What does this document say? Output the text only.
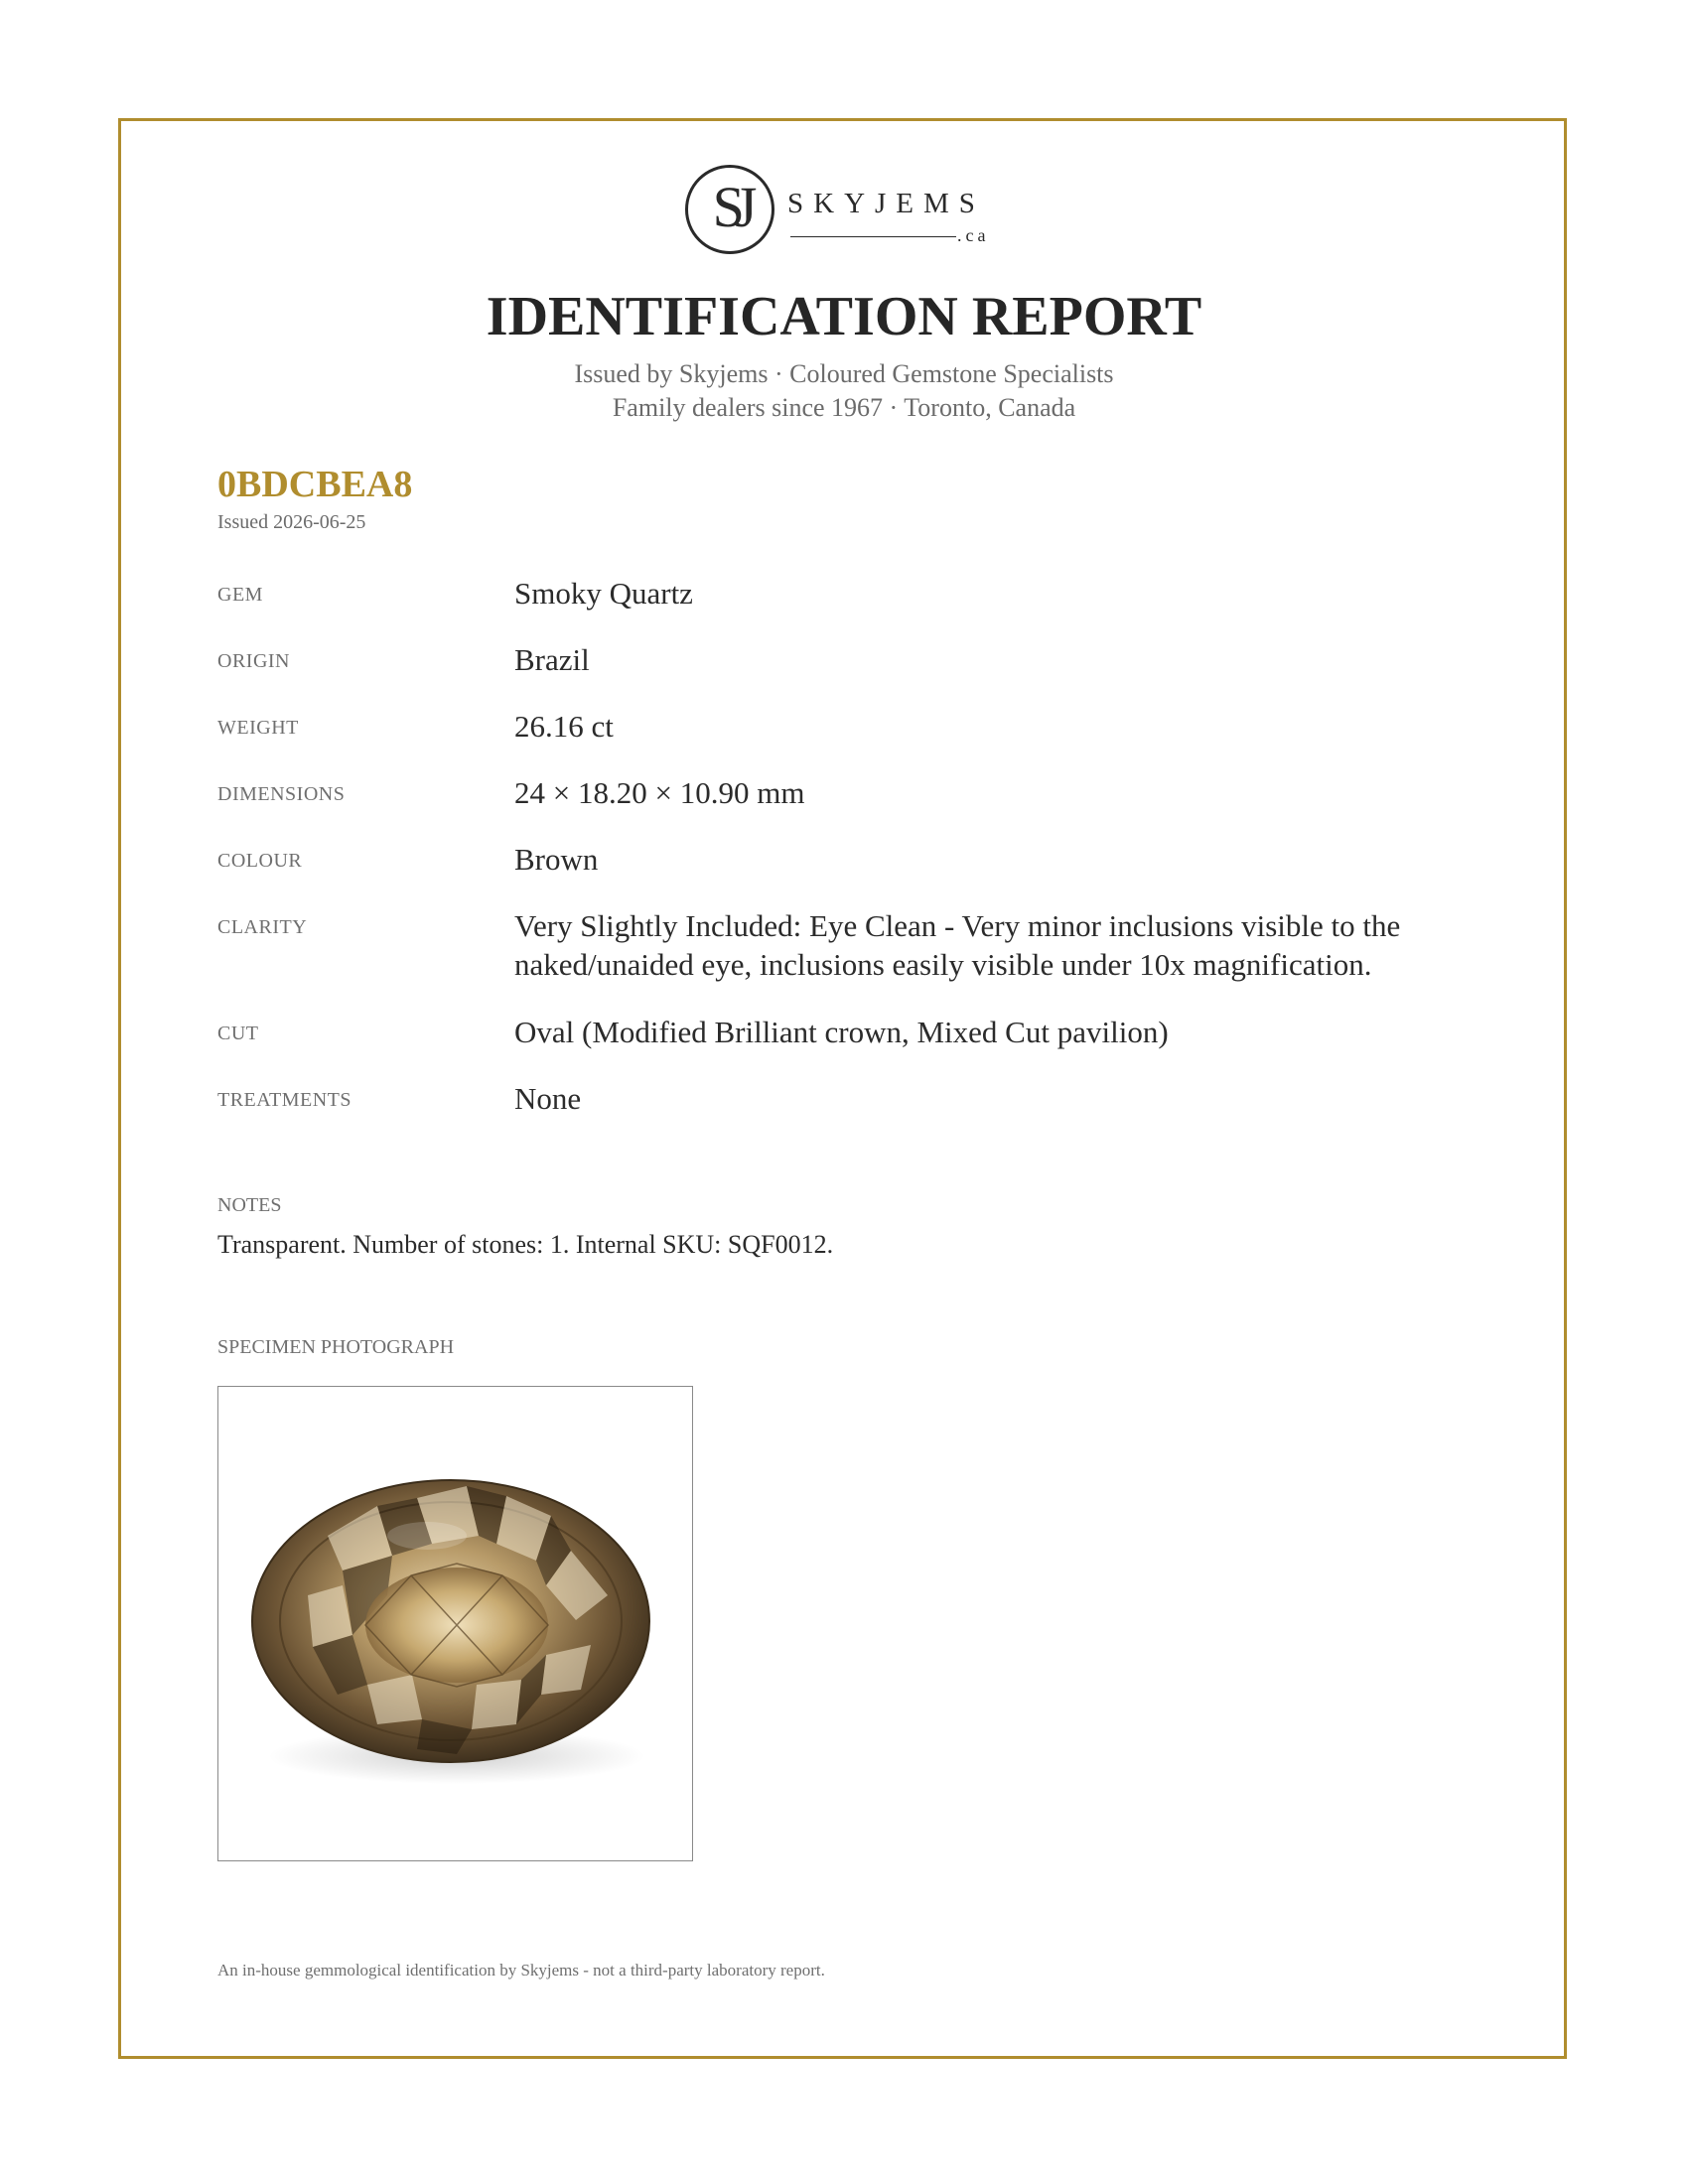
SJ	SKYJEMS
.ca
IDENTIFICATION REPORT
Issued by Skyjems · Coloured Gemstone Specialists
Family dealers since 1967 · Toronto, Canada
0BDCBEA8
Issued 2026-06-25
GEM	Smoky Quartz
ORIGIN	Brazil
WEIGHT	26.16 ct
DIMENSIONS	24 × 18.20 × 10.90 mm
COLOUR	Brown
CLARITY	Very Slightly Included: Eye Clean - Very minor inclusions visible to the naked/unaided eye, inclusions easily visible under 10x magnification.
CUT	Oval (Modified Brilliant crown, Mixed Cut pavilion)
TREATMENTS	None
NOTES
Transparent. Number of stones: 1. Internal SKU: SQF0012.
SPECIMEN PHOTOGRAPH
An in-house gemmological identification by Skyjems - not a third-party laboratory report.
